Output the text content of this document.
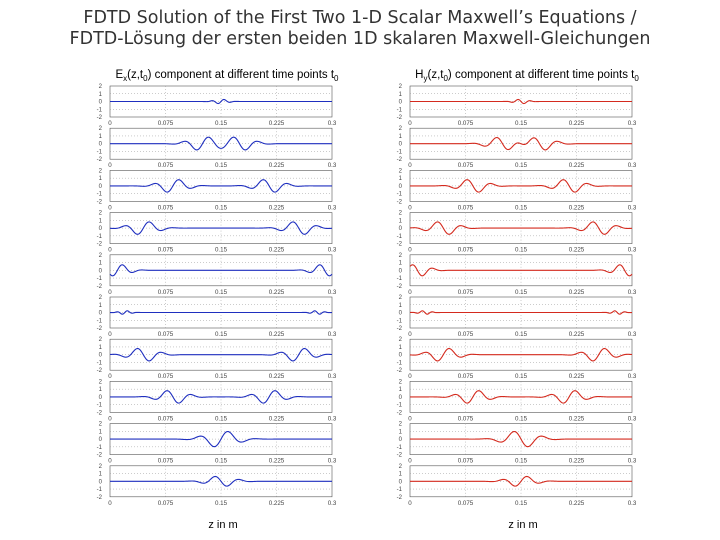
FDTD Solution of the First Two 1-D Scalar Maxwell’s Equations /
FDTD-Lösung der ersten beiden 1D skalaren Maxwell-Gleichungen
$E_x(z,t_0)$ component at different time points $t_0$
2
1
0
-1
-2
0	0.075	0.15	0.225	0.3
2
1
0
-1
-2
0	0.075	0.15	0.225	0.3
2
1
0
-1
-2
0	0.075	0.15	0.225	0.3
2
1
0
-1
-2
0	0.075	0.15	0.225	0.3
2
1
0
-1
-2
0	0.075	0.15	0.225	0.3
2
1
0
-1
-2
0	0.075	0.15	0.225	0.3
2
1
0
-1
-2
0	0.075	0.15	0.225	0.3
2
1
0
-1
-2
0	0.075	0.15	0.225	0.3
2
1
0
-1
-2
0	0.075	0.15	0.225	0.3
2
1
0
-1
-2
0	0.075	0.15	0.225	0.3
z in m
$H_y(z,t_0)$ component at different time points $t_0$
2
1
0
-1
-2
0	0.075	0.15	0.225	0.3
2
1
0
-1
-2
0	0.075	0.15	0.225	0.3
2
1
0
-1
-2
0	0.075	0.15	0.225	0.3
2
1
0
-1
-2
0	0.075	0.15	0.225	0.3
2
1
0
-1
-2
0	0.075	0.15	0.225	0.3
2
1
0
-1
-2
0	0.075	0.15	0.225	0.3
2
1
0
-1
-2
0	0.075	0.15	0.225	0.3
2
1
0
-1
-2
0	0.075	0.15	0.225	0.3
2
1
0
-1
-2
0	0.075	0.15	0.225	0.3
2
1
0
-1
-2
0	0.075	0.15	0.225	0.3
z in m
